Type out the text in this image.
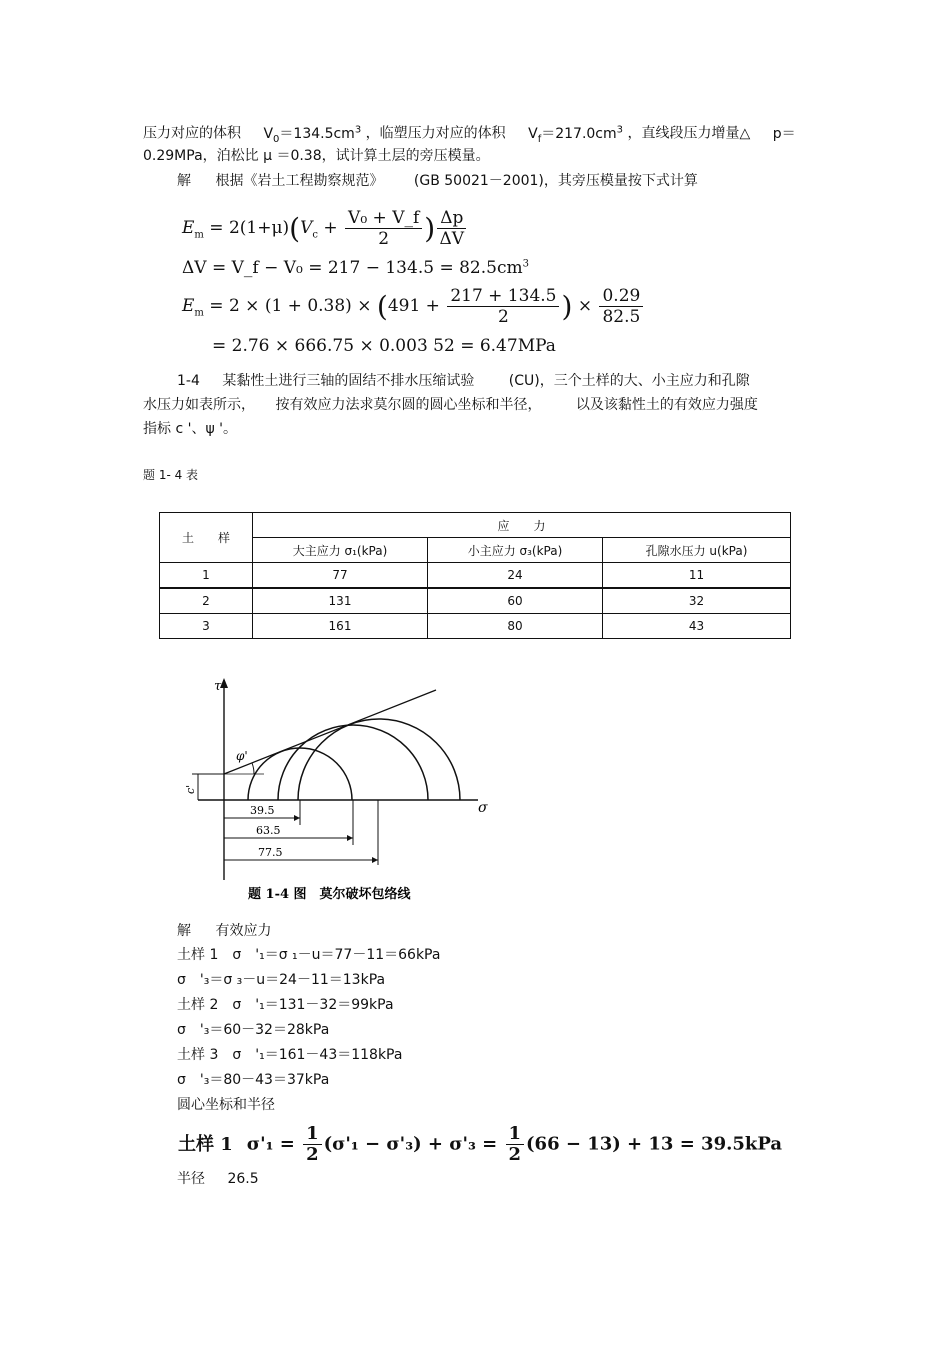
压力对应的体积 $V_0=134.5cm^3$ ，临塑压力对应的体积 $V_f=217.0cm^3$ ，直线段压力增量△ p＝
0.29MPa，泊松比 μ ＝0.38，试计算土层的旁压模量。
解 根据《岩土工程勘察规范》 (GB 50021－2001)，其旁压模量按下式计算
$E_m = 2(1+\mu)(V_c + \frac{\text{V₀ + V\_f}}{2}$ ) $\frac{\Delta p}{\Delta V}$
ΔV = V_f − $V_0 = 217 - 134.5 = 82.5cm^3$
$E_m = 2 \times (1 + 0.38) \times (491 + \frac{217 + 134.5}{2}$ ) × $\frac{0.29}{82.5}$
= 2.76 × 666.75 × 0.003 52 = 6.47MPa
1-4 某黏性土进行三轴的固结不排水压缩试验 (CU)，三个土样的大、小主应力和孔隙
水压力如表所示， 按有效应力法求莫尔圆的圆心坐标和半径， 以及该黏性土的有效应力强度
指标 c '、ψ '。
题 1- 4 表
土　　样	应　　力		
	大主应力 σ₁(kPa)	小主应力 σ₃(kPa)	孔隙水压力 u(kPa)
1	77	24	11
2	131	60	32
3	161	80	43
τ
σ
c'
φ'
39.5
63.5
77.5
题 1-4 图　莫尔破坏包络线
解 有效应力
土样 1　σ　'₁＝σ ₁－u＝77－11＝66kPa
σ　'₃＝σ ₃－u＝24－11＝13kPa
土样 2　σ　'₁＝131－32＝99kPa
σ　'₃＝60－32＝28kPa
土样 3　σ　'₁＝161－43＝118kPa
σ　'₃＝80－43＝37kPa
圆心坐标和半径
土样 1 $\sigma'_1 = \frac{1}{2} (\sigma'_1 - \sigma'_3) + \sigma'_3 = \frac{1}{2} (66 - 13) + 13 = 39.5kPa$
半径 26.5
